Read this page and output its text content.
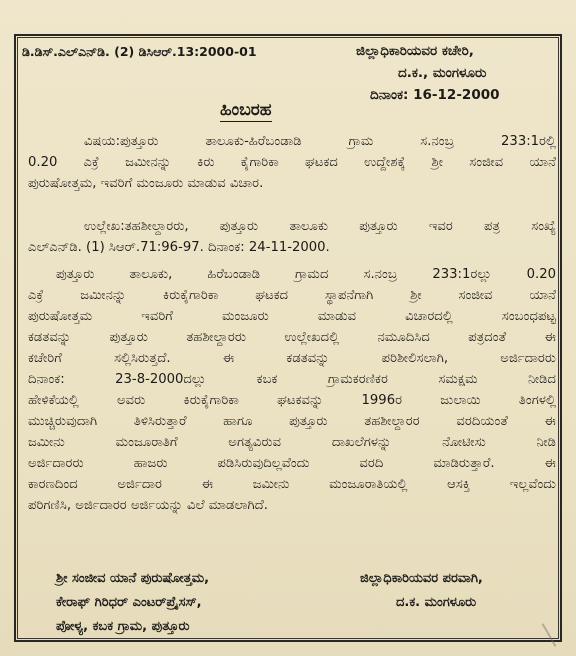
ಡಿ.ಡಿಸ್.ಎಲ್ಎನ್‌ಡಿ. (2) ಡಿಸಿಆರ್.13:2000-01	ಜಿಲ್ಲಾಧಿಕಾರಿಯವರ ಕಚೇರಿ,
ದ.ಕ., ಮಂಗಳೂರು
ದಿನಾಂಕ: 16-12-2000
ಹಿಂಬರಹ
ವಿಷಯ:ಪುತ್ತೂರು ತಾಲೂಕು-ಹಿರೆಬಂಡಾಡಿ ಗ್ರಾಮ ಸ.ನಂಬ್ರ 233:1ರಲ್ಲಿ
0.20 ಎಕ್ರೆ ಜಮೀನನ್ನು ಕಿರು ಕೈಗಾರಿಕಾ ಘಟಕದ ಉದ್ದೇಶಕ್ಕೆ ಶ್ರೀ ಸಂಜೀವ ಯಾನೆ
ಪುರುಷೋತ್ತಮ, ಇವರಿಗೆ ಮಂಜೂರು ಮಾಡುವ ವಿಚಾರ.
ಉಲ್ಲೇಖ:ತಹಶೀಲ್ದಾರರು, ಪುತ್ತೂರು ತಾಲೂಕು ಪುತ್ತೂರು ಇವರ ಪತ್ರ ಸಂಖ್ಯೆ
ಎಲ್ಎನ್‌ಡಿ. (1) ಸಿಆರ್.71:96-97. ದಿನಾಂಕ: 24-11-2000.
ಪುತ್ತೂರು ತಾಲೂಕು, ಹಿರೆಬಂಡಾಡಿ ಗ್ರಾಮದ ಸ.ನಂಬ್ರ 233:1ರಲ್ಲು 0.20
ಎಕ್ರೆ ಜಮೀನನ್ನು ಕಿರುಕೈಗಾರಿಕಾ ಘಟಕದ ಸ್ಥಾಪನೆಗಾಗಿ ಶ್ರೀ ಸಂಜೀವ ಯಾನೆ
ಪುರುಷೋತ್ತಮ ಇವರಿಗೆ ಮಂಜೂರು ಮಾಡುವ ವಿಚಾರದಲ್ಲಿ ಸಂಬಂಧಪಟ್ಟ
ಕಡತವನ್ನು ಪುತ್ತೂರು ತಹಶೀಲ್ದಾರರು ಉಲ್ಲೇಖದಲ್ಲಿ ನಮೂದಿಸಿದ ಪತ್ರದಂತೆ ಈ
ಕಚೇರಿಗೆ ಸಲ್ಲಿಸಿರುತ್ತದೆ. ಈ ಕಡತವನ್ನು ಪರಿಶೀಲಿಸಲಾಗಿ, ಅರ್ಜಿದಾರರು
ದಿನಾಂಕ: 23-8-2000ದಲ್ಲು ಕಬಕ ಗ್ರಾಮಕರಣಿಕರ ಸಮಕ್ಷಮ ನೀಡಿದ
ಹೇಳಿಕೆಯಲ್ಲಿ ಅವರು ಕಿರುಕೈಗಾರಿಕಾ ಘಟಕವನ್ನು 1996ರ ಜುಲಾಯಿ ತಿಂಗಳಲ್ಲಿ
ಮುಚ್ಚಿರುವುದಾಗಿ ತಿಳಿಸಿರುತ್ತಾರೆ ಹಾಗೂ ಪುತ್ತೂರು ತಹಶೀಲ್ದಾರರ ವರದಿಯಂತೆ ಈ
ಜಮೀನು ಮಂಜೂರಾತಿಗೆ ಅಗತ್ಯವಿರುವ ದಾಖಲೆಗಳನ್ನು ನೋಟೀಸು ನೀಡಿ
ಅರ್ಜಿದಾರರು ಹಾಜರು ಪಡಿಸಿರುವುದಿಲ್ಲವೆಂದು ವರದಿ ಮಾಡಿರುತ್ತಾರೆ. ಈ
ಕಾರಣದಿಂದ ಅರ್ಜಿದಾರ ಈ ಜಮೀನು ಮಂಜೂರಾತಿಯಲ್ಲಿ ಆಸಕ್ತಿ ಇಲ್ಲವೆಂದು
ಪರಿಗಣಿಸಿ, ಅರ್ಜಿದಾರರ ಅರ್ಜಿಯನ್ನು ವಿಲೆ ಮಾಡಲಾಗಿದೆ.
ಶ್ರೀ ಸಂಜೀವ ಯಾನೆ ಪುರುಷೋತ್ತಮ,
ಕೇರಾಫ್ ಗಿರಿಧರ್ ಎಂಟರ್‌ಪ್ರೈಸಸ್,
ಪೋಳ್ಯ, ಕಬಕ ಗ್ರಾಮ, ಪುತ್ತೂರು
ಜಿಲ್ಲಾಧಿಕಾರಿಯವರ ಪರವಾಗಿ,
ದ.ಕ. ಮಂಗಳೂರು
